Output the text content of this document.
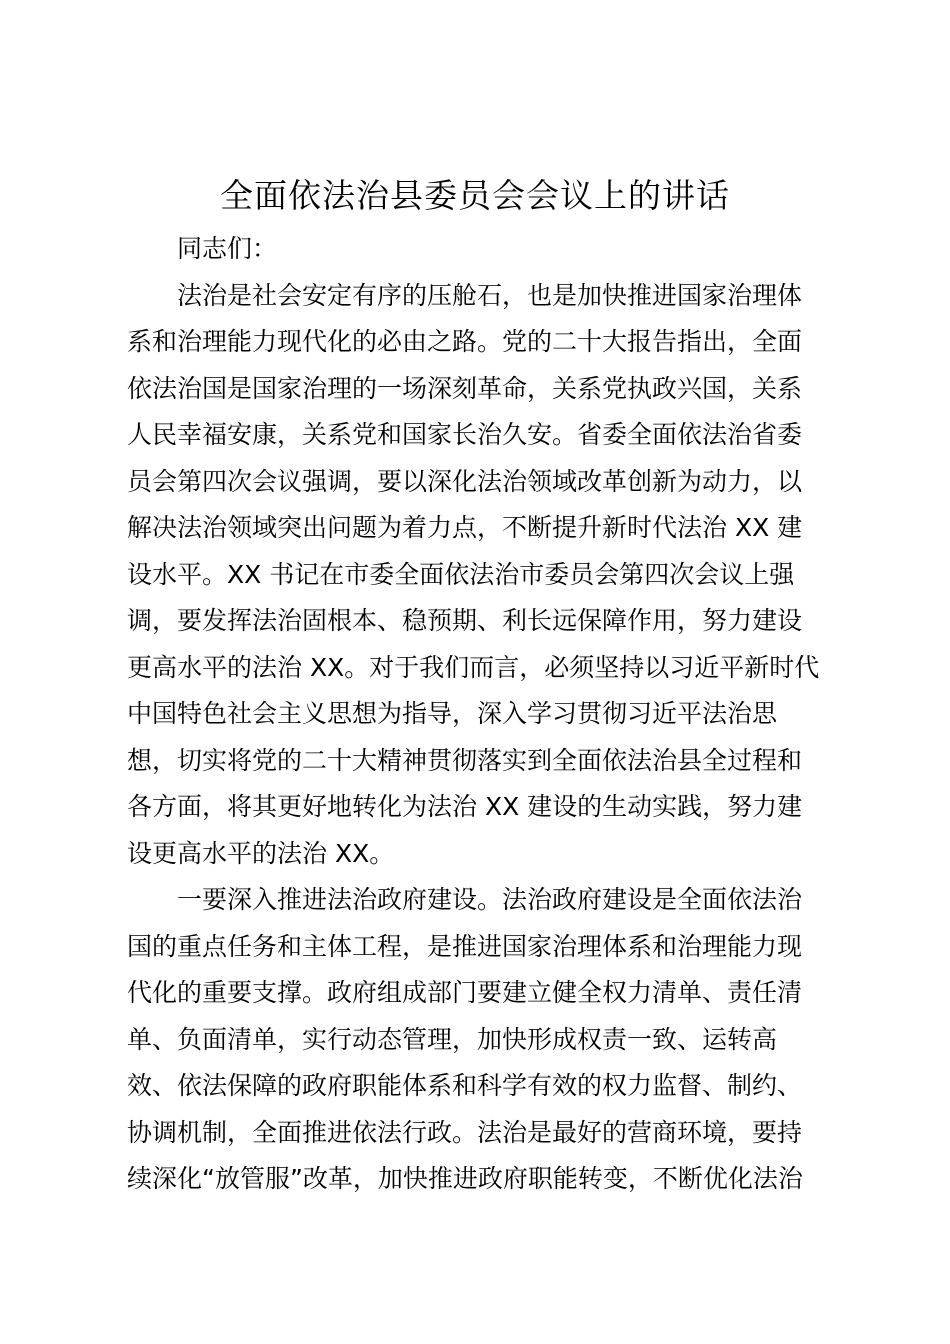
全面依法治县委员会会议上的讲话
同志们：
法治是社会安定有序的压舱石，也是加快推进国家治理体
系和治理能力现代化的必由之路。党的二十大报告指出，全面
依法治国是国家治理的一场深刻革命，关系党执政兴国，关系
人民幸福安康，关系党和国家长治久安。省委全面依法治省委
员会第四次会议强调，要以深化法治领域改革创新为动力，以
解决法治领域突出问题为着力点，不断提升新时代法治 XX 建
设水平。XX 书记在市委全面依法治市委员会第四次会议上强
调，要发挥法治固根本、稳预期、利长远保障作用，努力建设
更高水平的法治 XX。对于我们而言，必须坚持以习近平新时代
中国特色社会主义思想为指导，深入学习贯彻习近平法治思
想，切实将党的二十大精神贯彻落实到全面依法治县全过程和
各方面，将其更好地转化为法治 XX 建设的生动实践，努力建
设更高水平的法治 XX。
一要深入推进法治政府建设。法治政府建设是全面依法治
国的重点任务和主体工程，是推进国家治理体系和治理能力现
代化的重要支撑。政府组成部门要建立健全权力清单、责任清
单、负面清单，实行动态管理，加快形成权责一致、运转高
效、依法保障的政府职能体系和科学有效的权力监督、制约、
协调机制，全面推进依法行政。法治是最好的营商环境，要持
续深化“放管服”改革，加快推进政府职能转变，不断优化法治
